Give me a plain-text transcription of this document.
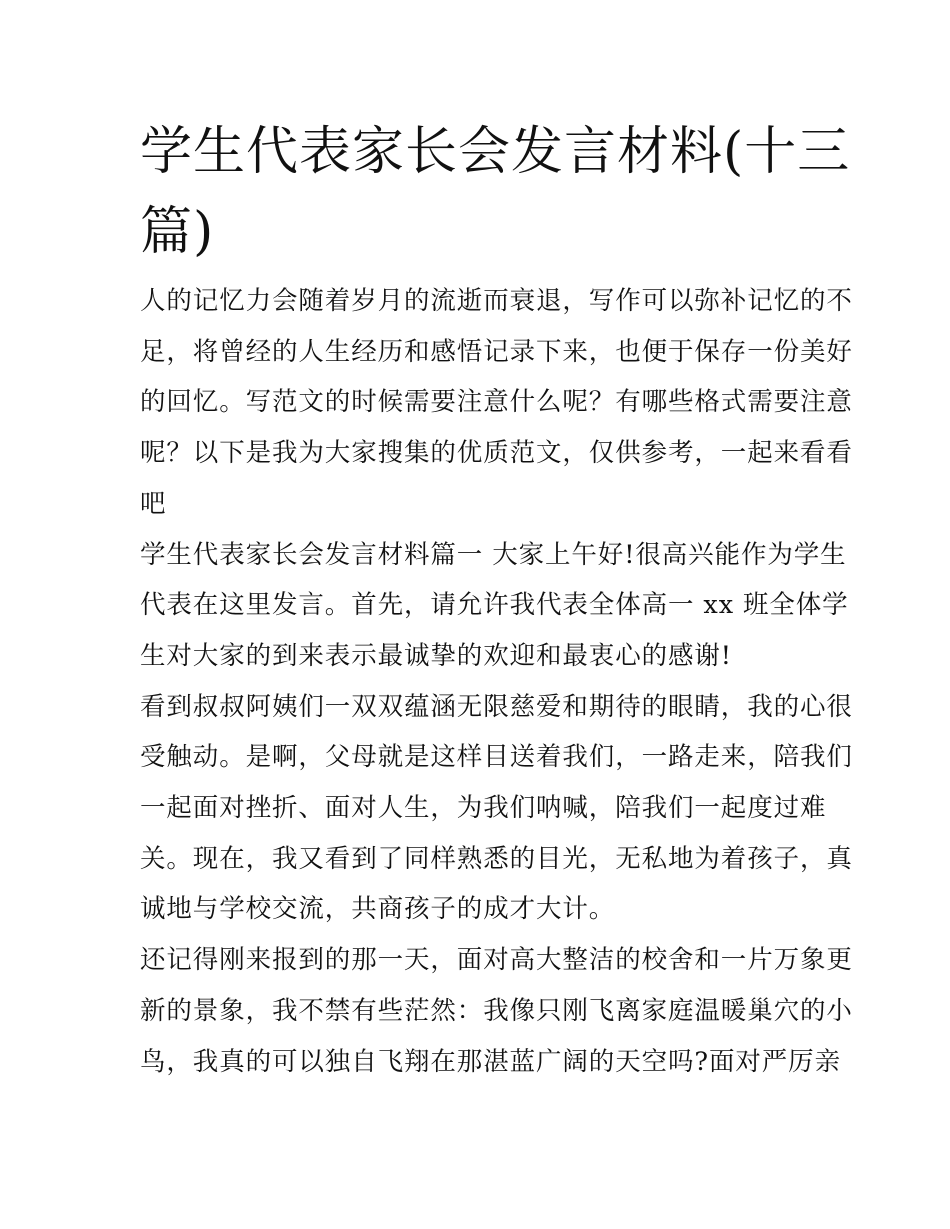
学生代表家长会发言材料(十三
篇)
人的记忆力会随着岁月的流逝而衰退，写作可以弥补记忆的不
足，将曾经的人生经历和感悟记录下来，也便于保存一份美好
的回忆。写范文的时候需要注意什么呢？有哪些格式需要注意
呢？以下是我为大家搜集的优质范文，仅供参考，一起来看看
吧
学生代表家长会发言材料篇一 大家上午好!很高兴能作为学生
代表在这里发言。首先，请允许我代表全体高一 xx 班全体学
生对大家的到来表示最诚挚的欢迎和最衷心的感谢!
看到叔叔阿姨们一双双蕴涵无限慈爱和期待的眼睛，我的心很
受触动。是啊，父母就是这样目送着我们，一路走来，陪我们
一起面对挫折、面对人生，为我们呐喊，陪我们一起度过难
关。现在，我又看到了同样熟悉的目光，无私地为着孩子，真
诚地与学校交流，共商孩子的成才大计。
还记得刚来报到的那一天，面对高大整洁的校舍和一片万象更
新的景象，我不禁有些茫然：我像只刚飞离家庭温暖巢穴的小
鸟，我真的可以独自飞翔在那湛蓝广阔的天空吗?面对严厉亲
